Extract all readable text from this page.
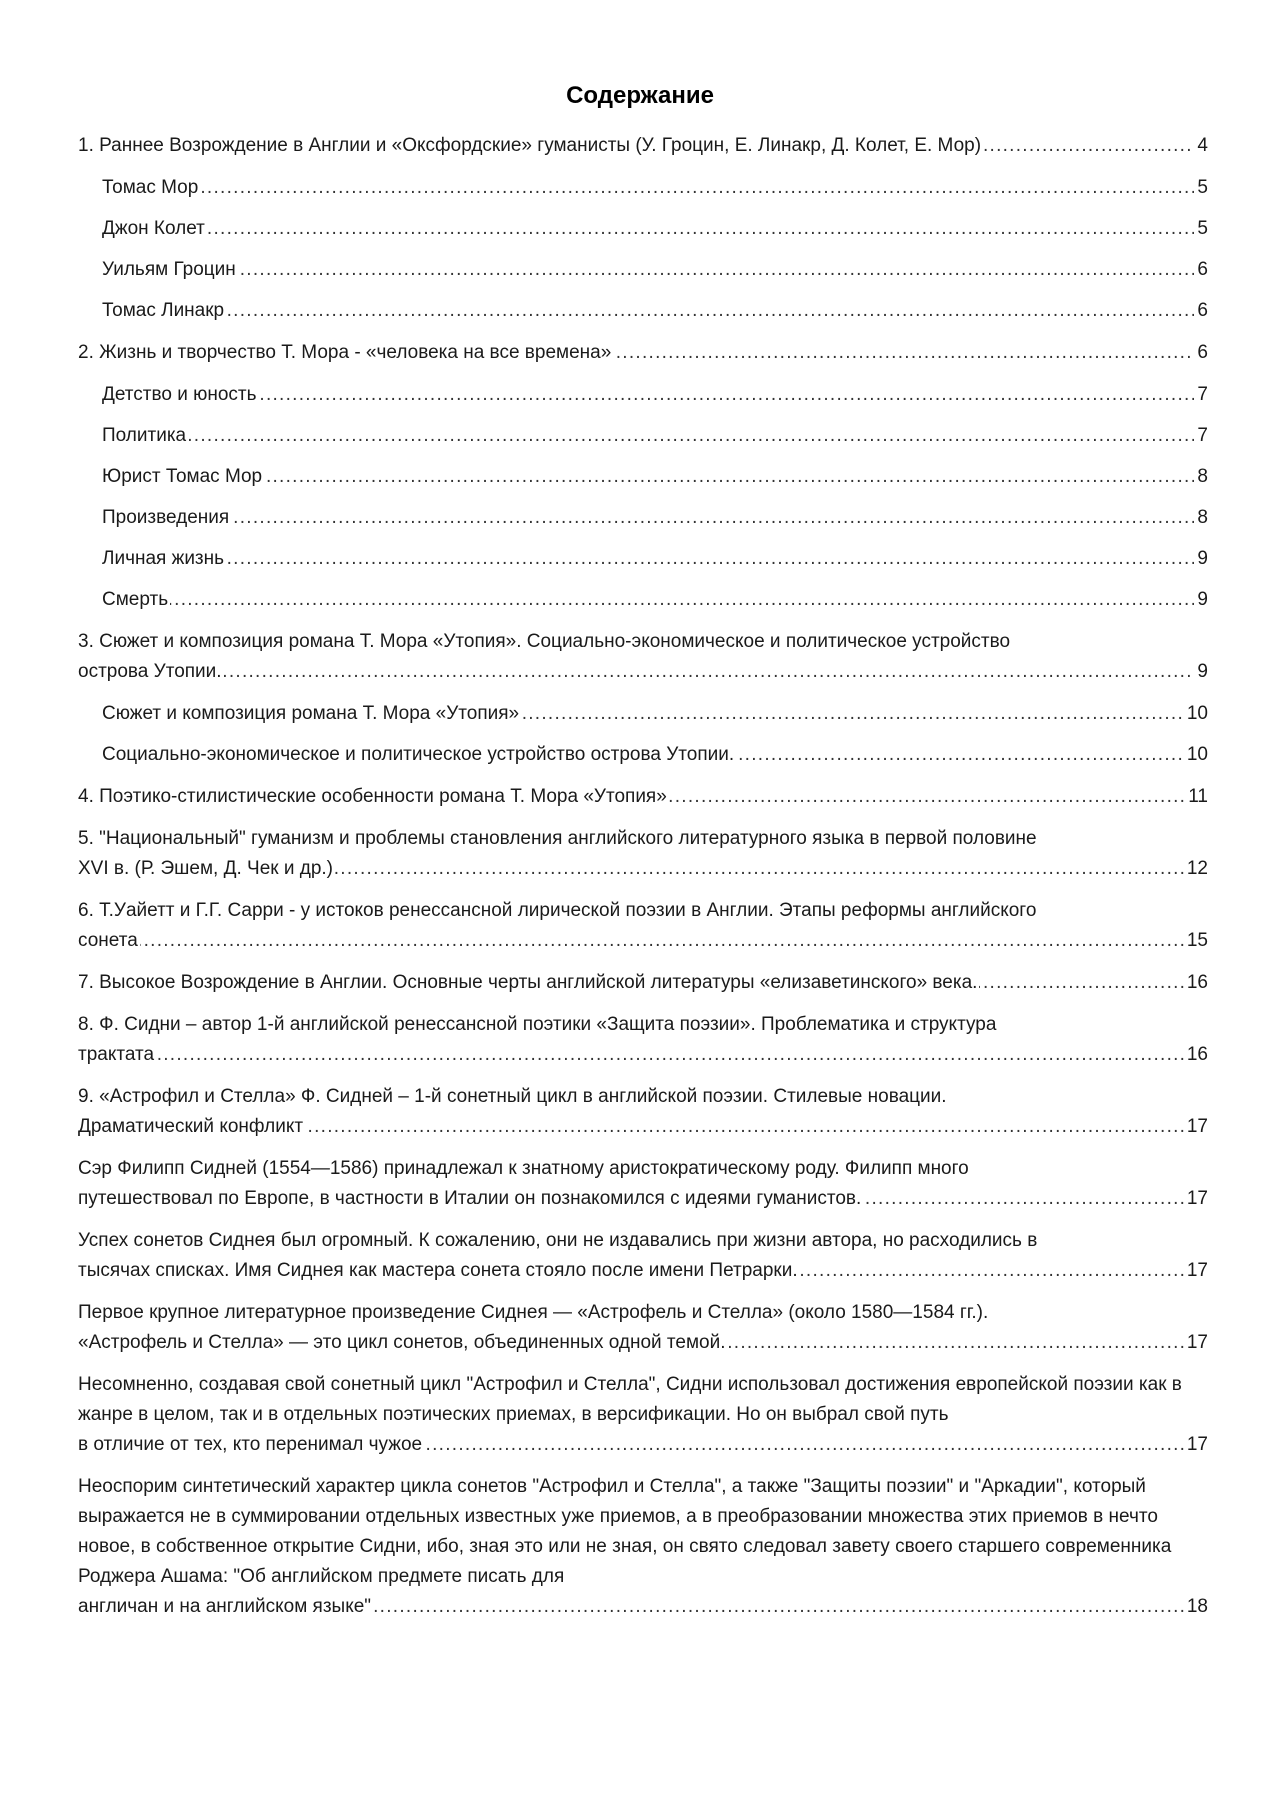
Содержание
1. Раннее Возрождение в Англии и «Оксфордские» гуманисты (У. Гроцин, Е. Линакр, Д. Колет, Е. Мор) . . .	4
Томас Мор . . .	5
Джон Колет . . .	5
Уильям Гроцин . . .	6
Томас Линакр . . .	6
2. Жизнь и творчество Т. Мора - «человека на все времена» . . .	6
Детство и юность . . .	7
Политика . . .	7
Юрист Томас Мор . . .	8
Произведения . . .	8
Личная жизнь . . .	9
Смерть . . .	9
3. Сюжет и композиция романа Т. Мора «Утопия». Социально-экономическое и политическое устройство
острова Утопии. . . .	9
Сюжет и композиция романа Т. Мора «Утопия» . . .	10
Социально-экономическое и политическое устройство острова Утопии. . . .	10
4. Поэтико-стилистические особенности романа Т. Мора «Утопия» . . .	11
5. "Национальный" гуманизм и проблемы становления английского литературного языка в первой половине
XVI в. (Р. Эшем, Д. Чек и др.) . . .	12
6. Т.Уайетт и Г.Г. Сарри - у истоков ренессансной лирической поэзии в Англии. Этапы реформы английского
сонета . . .	15
7. Высокое Возрождение в Англии. Основные черты английской литературы «елизаветинского» века. . . .	16
8. Ф. Сидни – автор 1-й английской ренессансной поэтики «Защита поэзии». Проблематика и структура
трактата . . .	16
9. «Астрофил и Стелла» Ф. Сидней – 1-й сонетный цикл в английской поэзии. Стилевые новации.
Драматический конфликт . . .	17
Сэр Филипп Сидней (1554—1586) принадлежал к знатному аристократическому роду. Филипп много
путешествовал по Европе, в частности в Италии он познакомился с идеями гуманистов. . . .	17
Успех сонетов Сиднея был огромный. К сожалению, они не издавались при жизни автора, но расходились в
тысячах списках. Имя Сиднея как мастера сонета стояло после имени Петрарки. . . .	17
Первое крупное литературное произведение Сиднея — «Астрофель и Стелла» (около 1580—1584 гг.).
«Астрофель и Стелла» — это цикл сонетов, объединенных одной темой. . . .	17
Несомненно, создавая свой сонетный цикл "Астрофил и Стелла", Сидни использовал достижения европейской поэзии как в жанре в целом, так и в отдельных поэтических приемах, в версификации. Но он выбрал свой путь
в отличие от тех, кто перенимал чужое . . .	17
Неоспорим синтетический характер цикла сонетов "Астрофил и Стелла", а также "Защиты поэзии" и "Аркадии", который выражается не в суммировании отдельных известных уже приемов, а в преобразовании множества этих приемов в нечто новое, в собственное открытие Сидни, ибо, зная это или не зная, он свято следовал завету своего старшего современника Роджера Ашама: "Об английском предмете писать для
англичан и на английском языке" . . .	18
